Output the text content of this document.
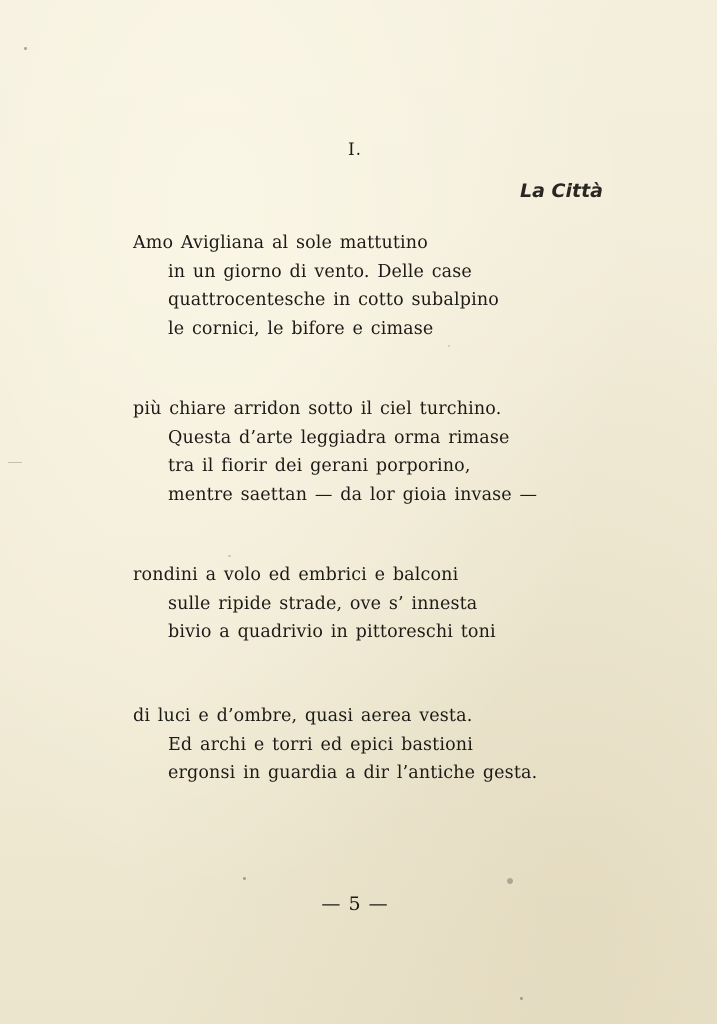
I.
La Città
Amo Avigliana al sole mattutino
in un giorno di vento. Delle case
quattrocentesche in cotto subalpino
le cornici, le bifore e cimase
più chiare arridon sotto il ciel turchino.
Questa d’arte leggiadra orma rimase
tra il fiorir dei gerani porporino,
mentre saettan — da lor gioia invase —
rondini a volo ed embrici e balconi
sulle ripide strade, ove s’ innesta
bivio a quadrivio in pittoreschi toni
di luci e d’ombre, quasi aerea vesta.
Ed archi e torri ed epici bastioni
ergonsi in guardia a dir l’antiche gesta.
— 5 —
